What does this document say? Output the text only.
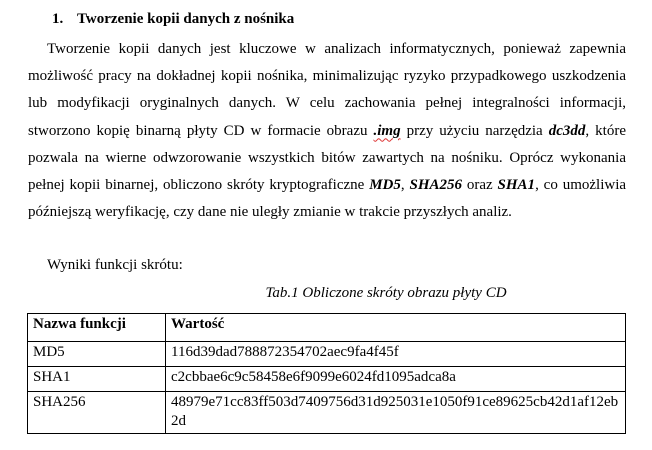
1. Tworzenie kopii danych z nośnika

Tworzenie kopii danych jest kluczowe w analizach informatycznych, ponieważ zapewnia możliwość pracy na dokładnej kopii nośnika, minimalizując ryzyko przypadkowego uszkodzenia lub modyfikacji oryginalnych danych. W celu zachowania pełnej integralności informacji, stworzono kopię binarną płyty CD w formacie obrazu .img przy użyciu narzędzia dc3dd, które pozwala na wierne odwzorowanie wszystkich bitów zawartych na nośniku. Oprócz wykonania pełnej kopii binarnej, obliczono skróty kryptograficzne MD5, SHA256 oraz SHA1, co umożliwia późniejszą weryfikację, czy dane nie uległy zmianie w trakcie przyszłych analiz.

Wyniki funkcji skrótu:
Tab.1 Obliczone skróty obrazu płyty CD
Nazwa funkcji	Wartość
MD5	116d39dad788872354702aec9fa4f45f
SHA1	c2cbbae6c9c58458e6f9099e6024fd1095adca8a
SHA256	48979e71cc83ff503d7409756d31d925031e1050f91ce89625cb42d1af12eb2d
